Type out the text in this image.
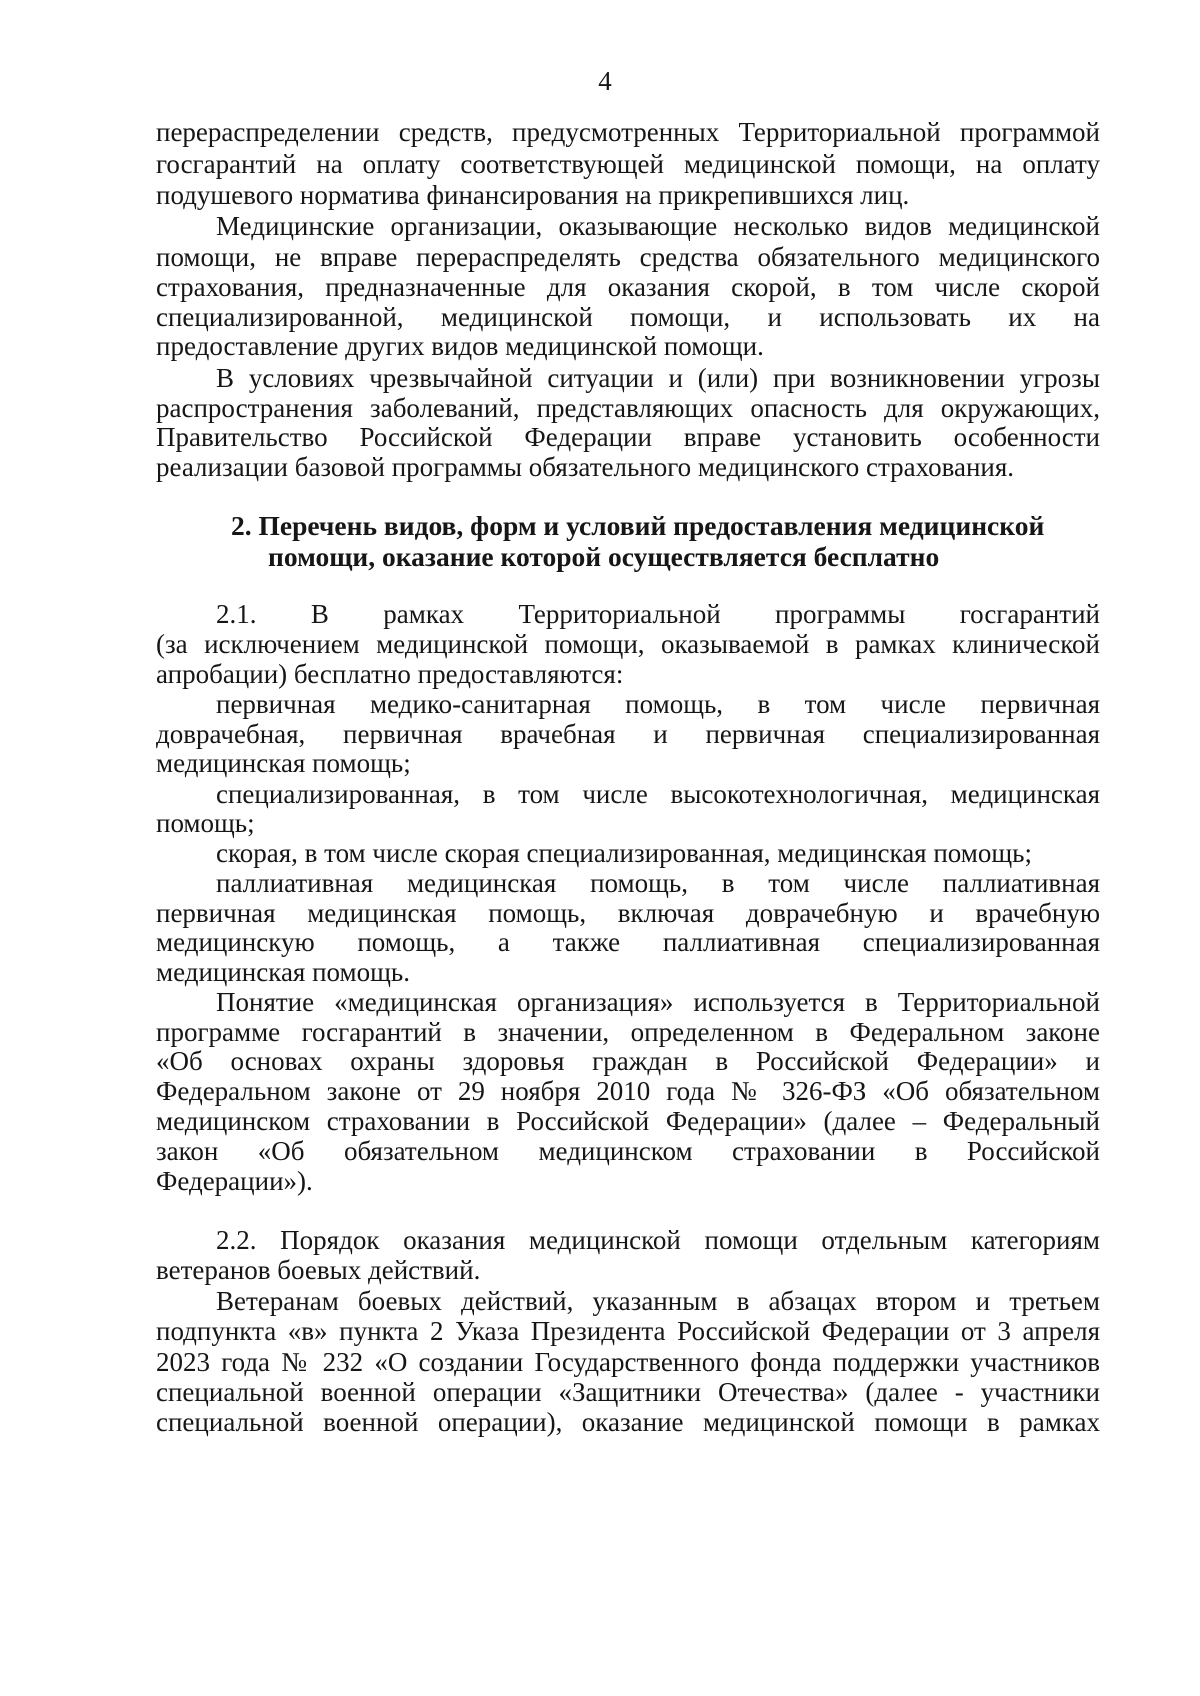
4
перераспределении средств, предусмотренных Территориальной программой
госгарантий на оплату соответствующей медицинской помощи, на оплату
подушевого норматива финансирования на прикрепившихся лиц.
Медицинские организации, оказывающие несколько видов медицинской
помощи, не вправе перераспределять средства обязательного медицинского
страхования, предназначенные для оказания скорой, в том числе скорой
специализированной, медицинской помощи, и использовать их на
предоставление других видов медицинской помощи.
В условиях чрезвычайной ситуации и (или) при возникновении угрозы
распространения заболеваний, представляющих опасность для окружающих,
Правительство Российской Федерации вправе установить особенности
реализации базовой программы обязательного медицинского страхования.
2. Перечень видов, форм и условий предоставления медицинской
помощи, оказание которой осуществляется бесплатно
2.1. В рамках Территориальной программы госгарантий
(за исключением медицинской помощи, оказываемой в рамках клинической
апробации) бесплатно предоставляются:
первичная медико-санитарная помощь, в том числе первичная
доврачебная, первичная врачебная и первичная специализированная
медицинская помощь;
специализированная, в том числе высокотехнологичная, медицинская
помощь;
скорая, в том числе скорая специализированная, медицинская помощь;
паллиативная медицинская помощь, в том числе паллиативная
первичная медицинская помощь, включая доврачебную и врачебную
медицинскую помощь, а также паллиативная специализированная
медицинская помощь.
Понятие «медицинская организация» используется в Территориальной
программе госгарантий в значении, определенном в Федеральном законе
«Об основах охраны здоровья граждан в Российской Федерации» и
Федеральном законе от 29 ноября 2010 года № 326-ФЗ «Об обязательном
медицинском страховании в Российской Федерации» (далее – Федеральный
закон «Об обязательном медицинском страховании в Российской
Федерации»).
2.2. Порядок оказания медицинской помощи отдельным категориям
ветеранов боевых действий.
Ветеранам боевых действий, указанным в абзацах втором и третьем
подпункта «в» пункта 2 Указа Президента Российской Федерации от 3 апреля
2023 года № 232 «О создании Государственного фонда поддержки участников
специальной военной операции «Защитники Отечества» (далее - участники
специальной военной операции), оказание медицинской помощи в рамках
